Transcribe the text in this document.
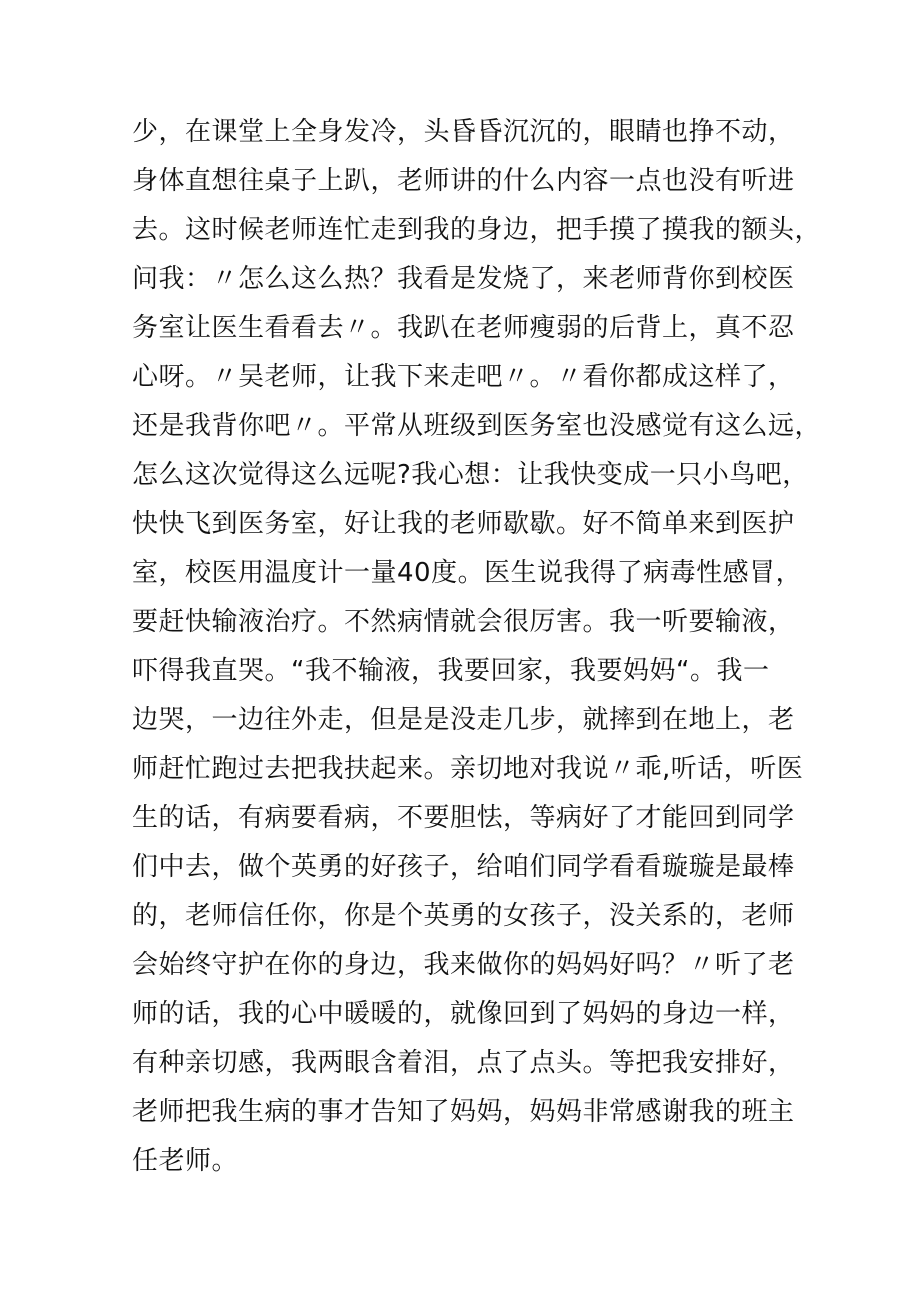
少，在课堂上全身发冷，头昏昏沉沉的，眼睛也挣不动，
身体直想往桌子上趴，老师讲的什么内容一点也没有听进
去。这时候老师连忙走到我的身边，把手摸了摸我的额头，
问我：〃怎么这么热？我看是发烧了，来老师背你到校医
务室让医生看看去〃。我趴在老师瘦弱的后背上，真不忍
心呀。〃吴老师，让我下来走吧〃。〃看你都成这样了，
还是我背你吧〃。平常从班级到医务室也没感觉有这么远，
怎么这次觉得这么远呢?我心想：让我快变成一只小鸟吧，
快快飞到医务室，好让我的老师歇歇。好不简单来到医护
室，校医用温度计一量40度。医生说我得了病毒性感冒，
要赶快输液治疗。不然病情就会很厉害。我一听要输液，
吓得我直哭。“我不输液，我要回家，我要妈妈“。我一
边哭，一边往外走，但是是没走几步，就摔到在地上，老
师赶忙跑过去把我扶起来。亲切地对我说〃乖,听话，听医
生的话，有病要看病，不要胆怯，等病好了才能回到同学
们中去，做个英勇的好孩子，给咱们同学看看璇璇是最棒
的，老师信任你，你是个英勇的女孩子，没关系的，老师
会始终守护在你的身边，我来做你的妈妈好吗？〃听了老
师的话，我的心中暖暖的，就像回到了妈妈的身边一样，
有种亲切感，我两眼含着泪，点了点头。等把我安排好，
老师把我生病的事才告知了妈妈，妈妈非常感谢我的班主
任老师。
